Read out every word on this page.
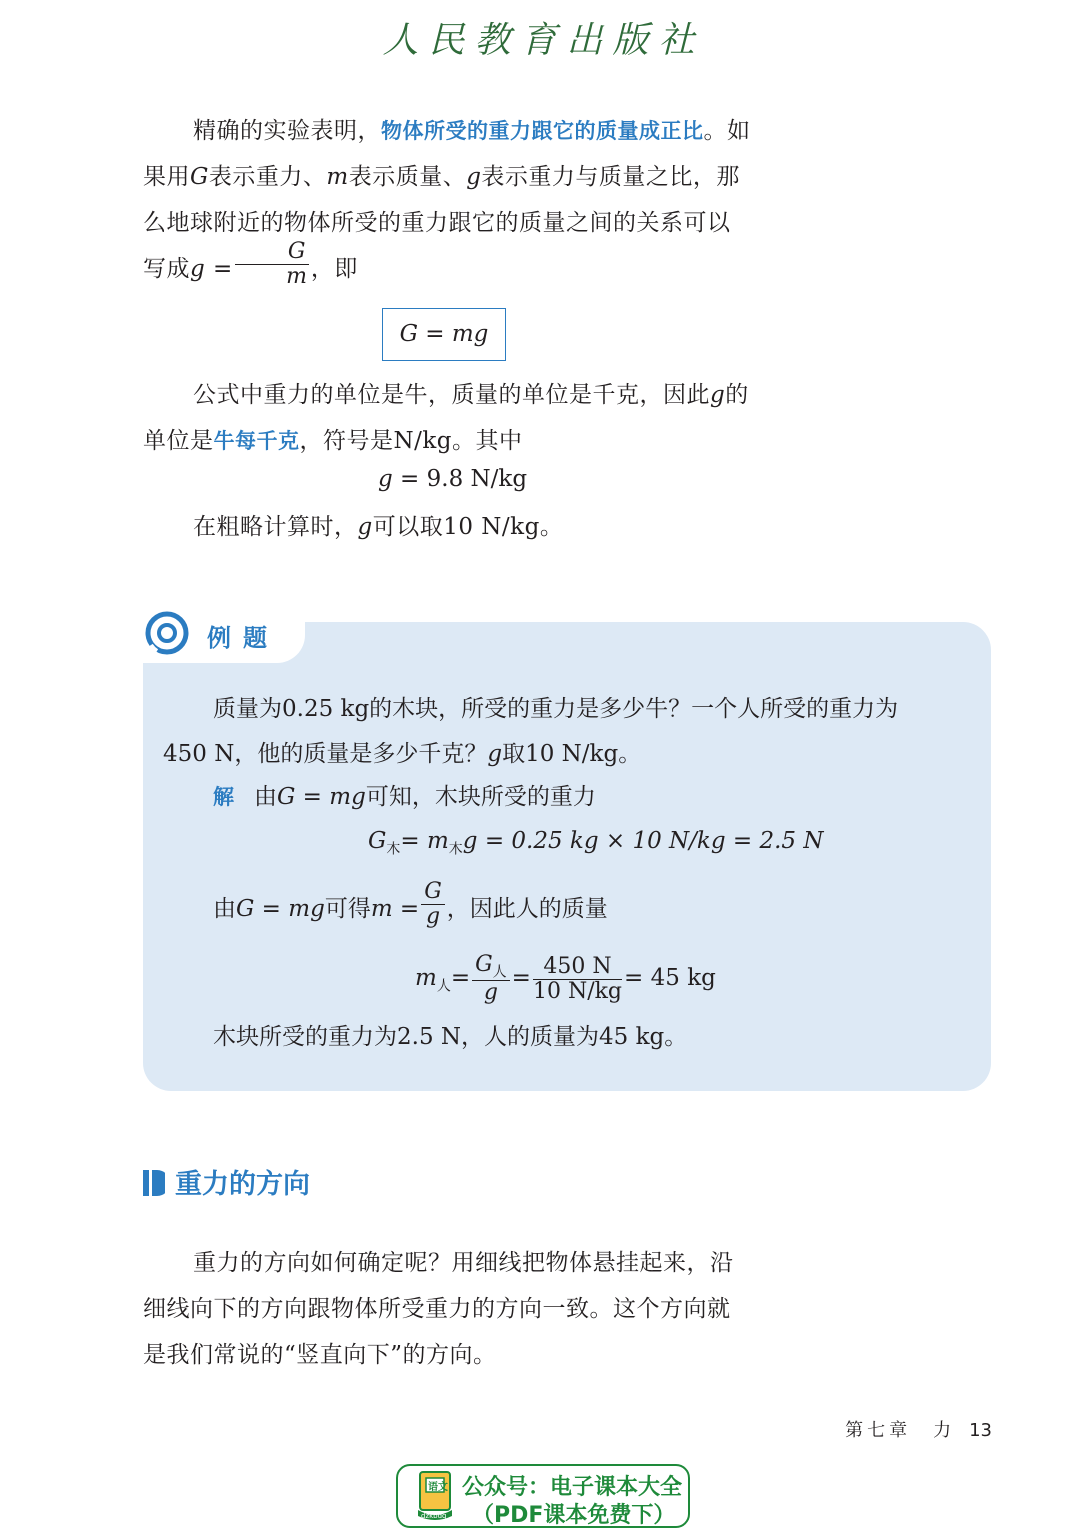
人民教育出版社
精确的实验表明，物体所受的重力跟它的质量成正比。如果用G表示重力、m表示质量、g表示重力与质量之比，那么地球附近的物体所受的重力跟它的质量之间的关系可以写成$g = \frac{G}{m}$ ，即
G = mg
公式中重力的单位是牛，质量的单位是千克，因此g的单位是牛每千克，符号是N/kg。其中
g = 9.8 N/kg
在粗略计算时，g可以取10 N/kg。
例题
质量为0.25 kg的木块，所受的重力是多少牛？一个人所受的重力为
450 N，他的质量是多少千克？g取10 N/kg。
解 由G = mg可知，木块所受的重力
$G_木= m_木g = 0.25$ kg × 10 N/kg = 2.5 N
由G = mg可得$m = \frac{G}{g}$ ，因此人的质量
$m_人= \frac{G_人}{g} = \frac{450 N}{10 N/kg} = 45$ kg
木块所受的重力为2.5 N，人的质量为45 kg。
重力的方向
重力的方向如何确定呢？用细线把物体悬挂起来，沿细线向下的方向跟物体所受重力的方向一致。这个方向就是我们常说的“竖直向下”的方向。
第七章　力 13
语文
dzkbdq
公众号：电子课本大全
（PDF课本免费下）
